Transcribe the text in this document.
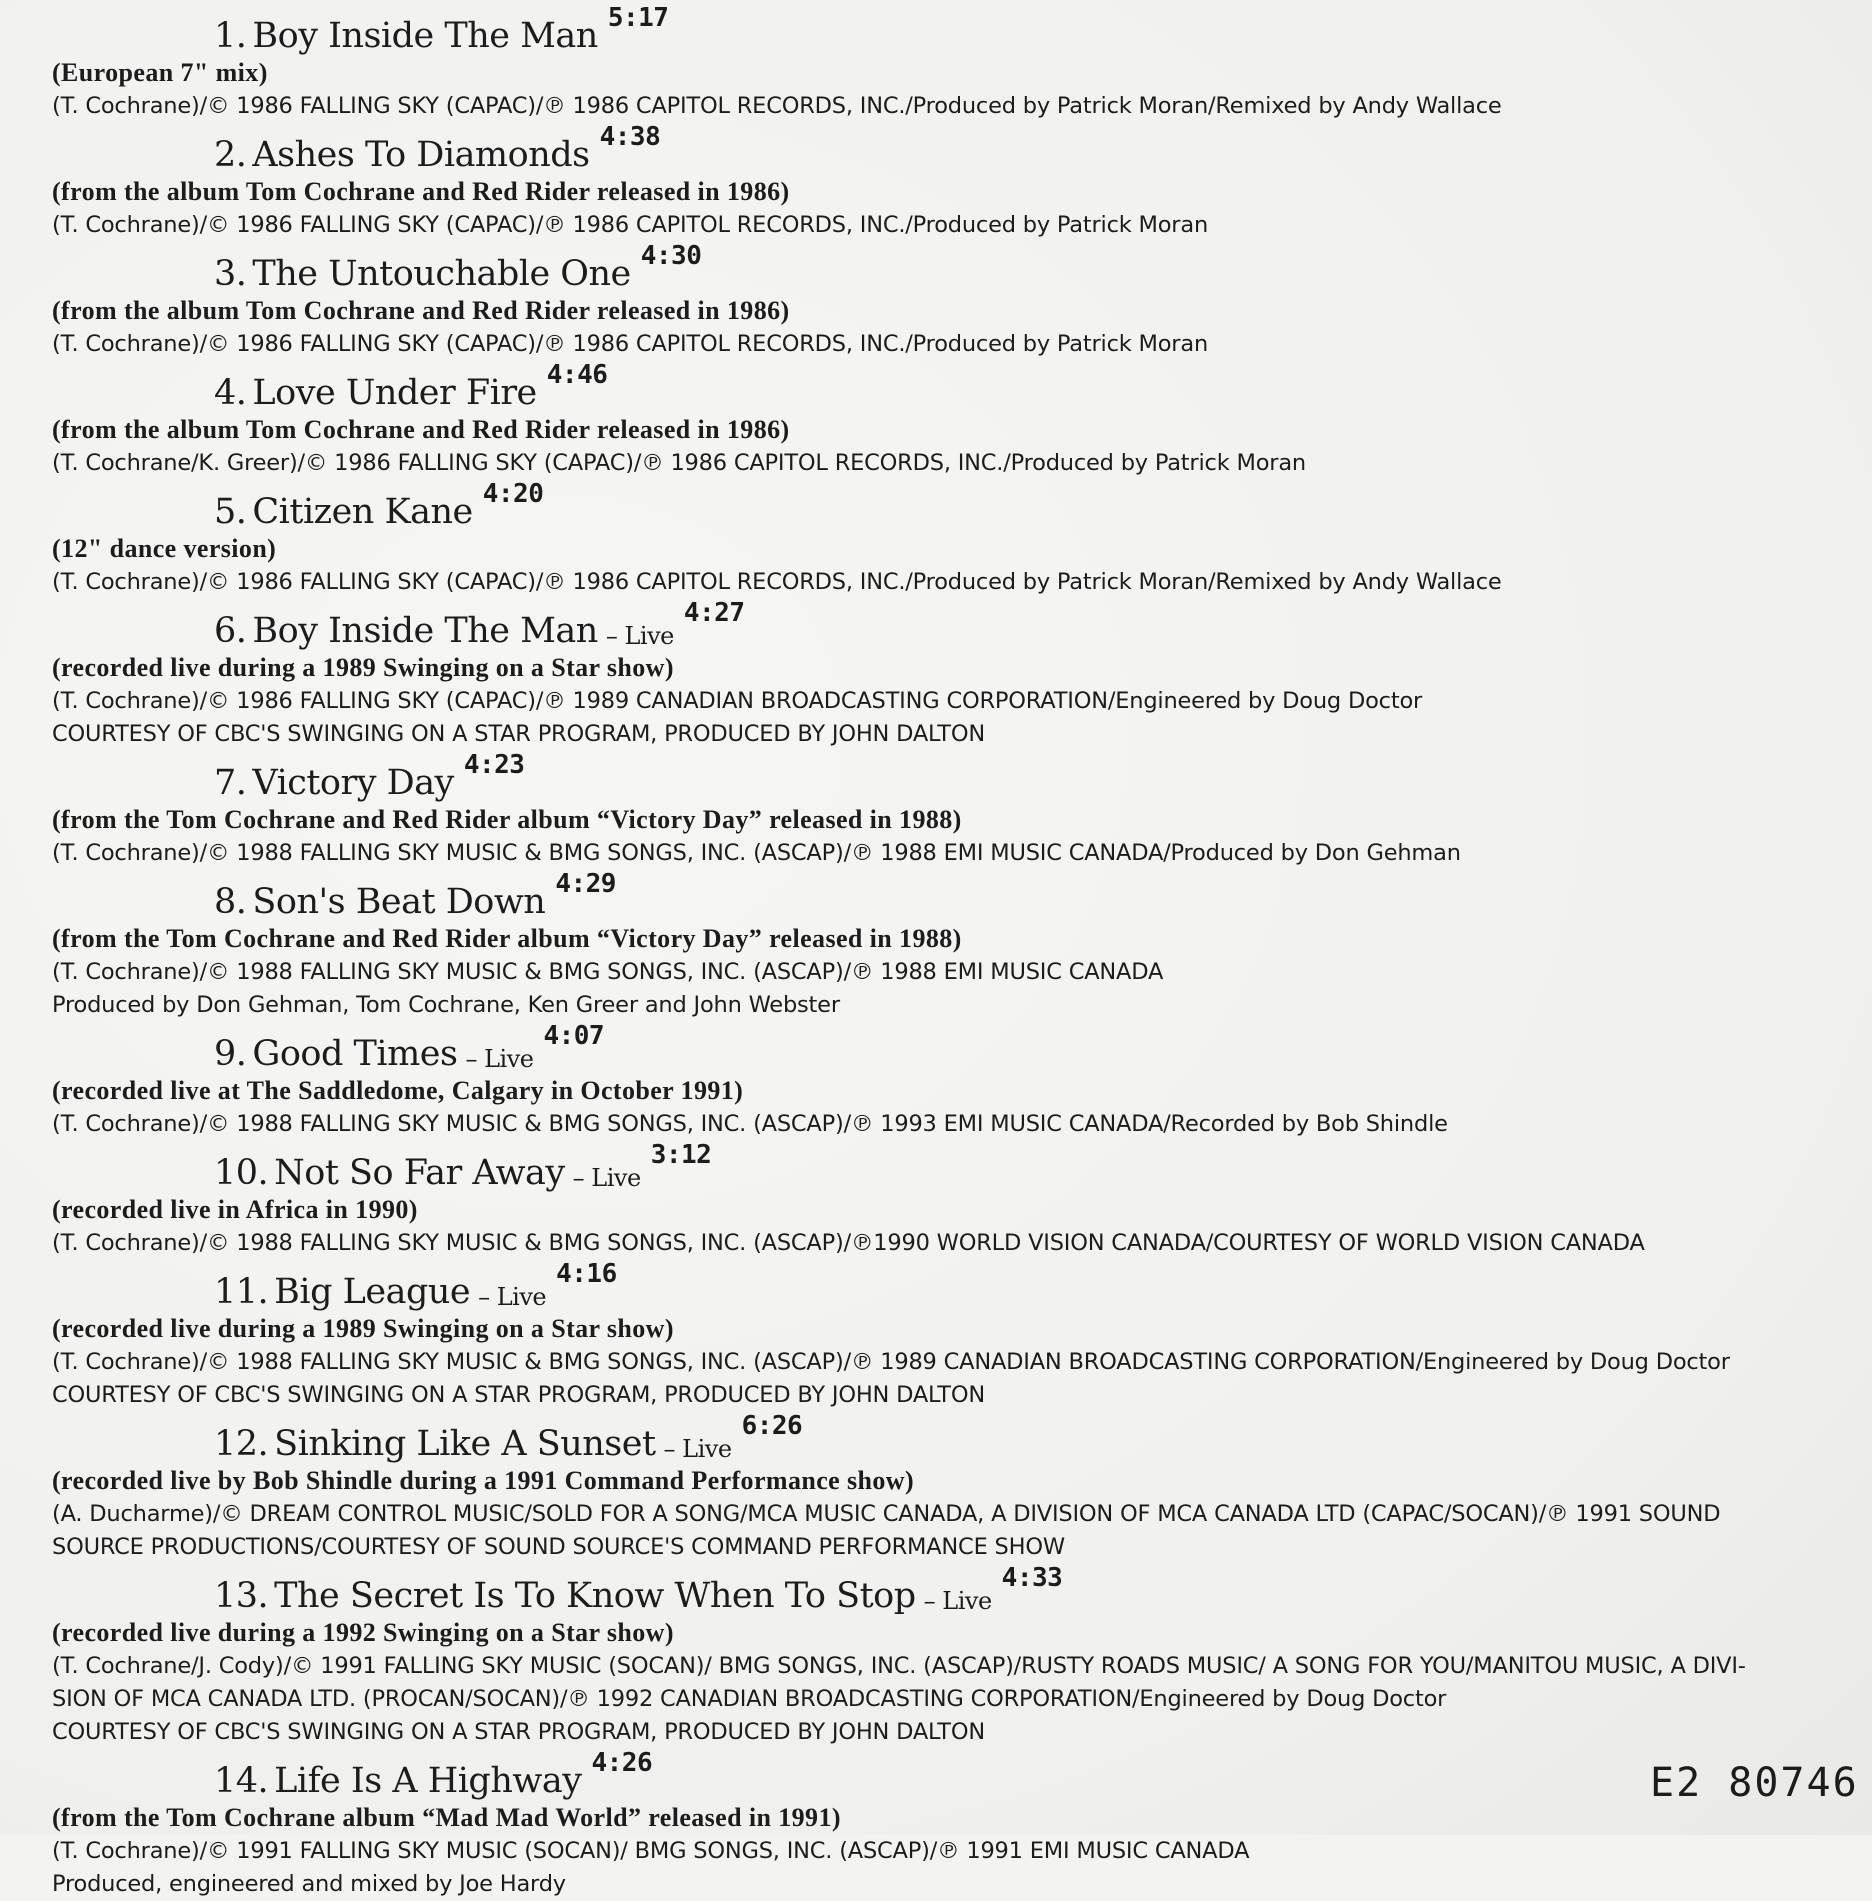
1. Boy Inside The Man 5:17
(European 7" mix)
(T. Cochrane)/© 1986 FALLING SKY (CAPAC)/℗ 1986 CAPITOL RECORDS, INC./Produced by Patrick Moran/Remixed by Andy Wallace
2. Ashes To Diamonds 4:38
(from the album Tom Cochrane and Red Rider released in 1986)
(T. Cochrane)/© 1986 FALLING SKY (CAPAC)/℗ 1986 CAPITOL RECORDS, INC./Produced by Patrick Moran
3. The Untouchable One 4:30
(from the album Tom Cochrane and Red Rider released in 1986)
(T. Cochrane)/© 1986 FALLING SKY (CAPAC)/℗ 1986 CAPITOL RECORDS, INC./Produced by Patrick Moran
4. Love Under Fire 4:46
(from the album Tom Cochrane and Red Rider released in 1986)
(T. Cochrane/K. Greer)/© 1986 FALLING SKY (CAPAC)/℗ 1986 CAPITOL RECORDS, INC./Produced by Patrick Moran
5. Citizen Kane 4:20
(12" dance version)
(T. Cochrane)/© 1986 FALLING SKY (CAPAC)/℗ 1986 CAPITOL RECORDS, INC./Produced by Patrick Moran/Remixed by Andy Wallace
6. Boy Inside The Man – Live
4:27
(recorded live during a 1989 Swinging on a Star show)
(T. Cochrane)/© 1986 FALLING SKY (CAPAC)/℗ 1989 CANADIAN BROADCASTING CORPORATION/Engineered by Doug Doctor
COURTESY OF CBC'S SWINGING ON A STAR PROGRAM, PRODUCED BY JOHN DALTON
7. Victory Day 4:23
(from the Tom Cochrane and Red Rider album “Victory Day” released in 1988)
(T. Cochrane)/© 1988 FALLING SKY MUSIC & BMG SONGS, INC. (ASCAP)/℗ 1988 EMI MUSIC CANADA/Produced by Don Gehman
8. Son's Beat Down 4:29
(from the Tom Cochrane and Red Rider album “Victory Day” released in 1988)
(T. Cochrane)/© 1988 FALLING SKY MUSIC & BMG SONGS, INC. (ASCAP)/℗ 1988 EMI MUSIC CANADA
Produced by Don Gehman, Tom Cochrane, Ken Greer and John Webster
9. Good Times – Live
4:07
(recorded live at The Saddledome, Calgary in October 1991)
(T. Cochrane)/© 1988 FALLING SKY MUSIC & BMG SONGS, INC. (ASCAP)/℗ 1993 EMI MUSIC CANADA/Recorded by Bob Shindle
10. Not So Far Away – Live
3:12
(recorded live in Africa in 1990)
(T. Cochrane)/© 1988 FALLING SKY MUSIC & BMG SONGS, INC. (ASCAP)/℗1990 WORLD VISION CANADA/COURTESY OF WORLD VISION CANADA
11. Big League – Live
4:16
(recorded live during a 1989 Swinging on a Star show)
(T. Cochrane)/© 1988 FALLING SKY MUSIC & BMG SONGS, INC. (ASCAP)/℗ 1989 CANADIAN BROADCASTING CORPORATION/Engineered by Doug Doctor
COURTESY OF CBC'S SWINGING ON A STAR PROGRAM, PRODUCED BY JOHN DALTON
12. Sinking Like A Sunset – Live
6:26
(recorded live by Bob Shindle during a 1991 Command Performance show)
(A. Ducharme)/© DREAM CONTROL MUSIC/SOLD FOR A SONG/MCA MUSIC CANADA, A DIVISION OF MCA CANADA LTD (CAPAC/SOCAN)/℗ 1991 SOUND
SOURCE PRODUCTIONS/COURTESY OF SOUND SOURCE'S COMMAND PERFORMANCE SHOW
13. The Secret Is To Know When To Stop – Live
4:33
(recorded live during a 1992 Swinging on a Star show)
(T. Cochrane/J. Cody)/© 1991 FALLING SKY MUSIC (SOCAN)/ BMG SONGS, INC. (ASCAP)/RUSTY ROADS MUSIC/ A SONG FOR YOU/MANITOU MUSIC, A DIVI-
SION OF MCA CANADA LTD. (PROCAN/SOCAN)/℗ 1992 CANADIAN BROADCASTING CORPORATION/Engineered by Doug Doctor
COURTESY OF CBC'S SWINGING ON A STAR PROGRAM, PRODUCED BY JOHN DALTON
14. Life Is A Highway 4:26
(from the Tom Cochrane album “Mad Mad World” released in 1991)
(T. Cochrane)/© 1991 FALLING SKY MUSIC (SOCAN)/ BMG SONGS, INC. (ASCAP)/℗ 1991 EMI MUSIC CANADA
Produced, engineered and mixed by Joe Hardy
E2 80746
